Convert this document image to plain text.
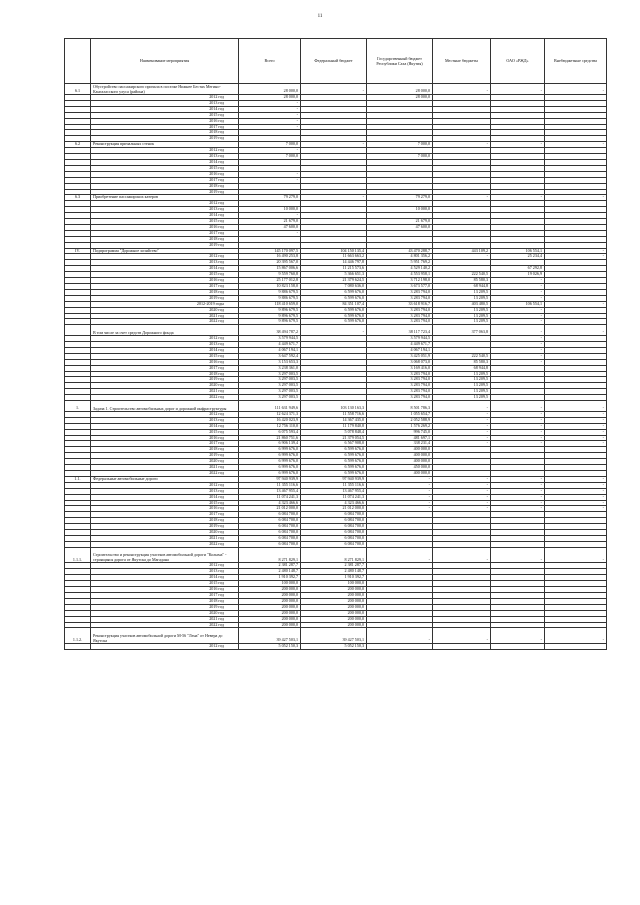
11
	Наименование мероприятия	Всего	Федеральный бюджет	Государственный бюджет Республики Саха (Якутия)	Местные бюджеты	ОАО «РЖД»	Внебюджетные средства
6.1	Обустройство пассажирского причала в поселке Нижнее Бестях Мегино-Кангаласского улуса (района)	28 000,0	-	28 000,0	-	-	-
	2012 год	28 000,0		28 000,0			
	2013 год	-					
	2014 год	-					
	2015 год	-					
	2016 год	-					
	2017 год	-					
	2018 год						
	2019 год						
6.2	Реконструкция причальных стенок	7 000,0	-	7 000,0	-	-	-
	2012 год	-					
	2013 год	7 000,0		7 000,0			
	2014 год						
	2015 год						
	2016 год	-					
	2017 год	-					
	2018 год						
	2019 год						
6.3	Приобретение пассажирских катеров	79 279,0	-	79 279,0	-	-	-
	2012 год						
	2013 год	10 000,0		10 000,0			
	2014 год	-					
	2015 год	21 679,0		21 679,0			
	2016 год	47 600,0		47 600,0			
	2017 год	-					
	2018 год						
	2019 год						
IV.	Подпрограмма "Дорожное хозяйство"	145 170 097,5	104 150 135,4	43 470 288,7	443 109,2	106 554,1	-
	2012 год	16 490 253,8	11 663 663,2	4 801 356,2	-	25 234,4	-
	2013 год	20 395 567,0	14 446 797,8	5 951 769,2			
	2014 год	15 867 006,6	11 215 573,6	4 529 140,2		67 292,8	
	2015 год	9 559 760,8	5 366 651,3	4 553 958,1	222 540,5	19 026,9	
	2016 год	25 177 012,8	21 379 624,5	3 712 198,0	85 580,3	-	
	2017 год	10 823 158,0	7 080 636,0	3 673 577,0	68 944,8	-	
	2018 год	9 886 679,5	6 599 676,0	3 283 794,0	13 209,5	-	
	2019 год	9 886 679,5	6 599 676,0	3 283 794,0	13 209,5	-	
	2012-2019 годы	118 410 659,0	84 351 107,4	33 618 916,7	403 480,5	106 554,1	-
	2020 год	9 896 679,5	6 599 676,0	3 283 794,0	13 209,5	-	
	2021 год	9 896 679,5	6 599 676,0	3 283 794,0	13 209,5	-	
	2022 год	9 896 679,5	6 599 676,0	3 283 794,0	13 209,5	-	
	В том числе за счет средств Дорожного фонда	38 494 787,2	-	38 117 723,4	377 063,8	-	-
	2012 год	3 579 944,5		3 579 944,5		-	
	2013 год	4 449 671,7		4 449 671,7		-	
	2014 год	4 067 194,1		4 067 194,1		-	
	2015 год	3 647 592,4		3 425 051,9	222 540,5	-	
	2016 год	3 153 653,3		3 068 073,0	85 580,3	-	
	2017 год	3 238 361,0		3 169 416,0	68 944,8		
	2018 год	3 297 003,5		3 283 794,0	13 209,5		
	2019 год	3 297 003,5		3 283 794,0	13 209,5		
	2020 год	3 297 003,5		3 283 794,0	13 209,5		
	2021 год	3 297 003,5		3 283 794,0	13 209,5		
	2022 год	3 297 003,5		3 283 794,0	13 209,5		
1.	Задача 1. Строительство автомобильных дорог и дорожной инфраструктуры	111 631 949,6	103 130 163,3	8 501 786,3	-	-	-
	2012 год	12 624 371,3	11 558 716,6	1 055 654,7	-	-	-
	2013 год	16 420 023,9	14 367 435,0	2 052 588,9	-	-	-
	2014 год	12 756 110,0	11 179 840,8	1 576 269,2	-	-	-
	2015 год	6 075 593,4	5 078 848,4	996 745,0	-	-	-
	2016 год	21 860 751,6	21 379 054,5	481 697,1	-	-	-
	2017 год	6 906 139,4	6 567 908,0	338 231,4	-	-	-
	2018 год	6 999 676,0	6 599 676,0	400 000,0			
	2019 год	6 999 676,0	6 599 676,0	400 000,0			
	2020 год	6 999 676,0	6 599 676,0	400 000,0			
	2021 год	6 999 676,0	6 599 676,0	450 000,0			
	2022 год	6 999 676,0	6 599 676,0	400 000,0			
1.1.	Федеральные автомобильные дороги	97 940 939,9	97 940 939,9	-	-	-	-
	2012 год	11 355 116,6	11 355 116,6	-	-	-	-
	2013 год	13 467 955,4	13 467 955,4	-	-	-	-
	2014 год	11 074 241,3	11 074 241,3	-	-	-	-
	2015 год	4 323 466,6	4 323 466,6	-	-	-	-
	2016 год	21 012 000,0	21 012 000,0	-	-	-	-
	2017 год	6 084 700,0	6 084 700,0				
	2018 год	6 084 700,0	6 084 700,0				
	2019 год	6 084 700,0	6 084 700,0				
	2020 год	6 084 700,0	6 084 700,0				
	2021 год	6 084 700,0	6 084 700,0				
	2022 год	6 084 700,0	6 084 700,0				
1.1.1.	Строительство и реконструкция участков автомобильной дороги "Колыма" - строящаяся дорога от Якутска до Магадана	8 271 829,1	8 271 829,1	-	-	-	-
	2012 год	2 381 287,7	2 381 287,7				
	2013 год	2 480 148,7	2 480 148,7				
	2014 год	1 910 392,7	1 910 392,7				
	2015 год	100 000,0	100 000,0				
	2016 год	200 000,0	200 000,0				
	2017 год	200 000,0	200 000,0				
	2018 год	200 000,0	200 000,0				
	2019 год	200 000,0	200 000,0				
	2020 год	200 000,0	200 000,0				
	2021 год	200 000,0	200 000,0				
	2022 год	200 000,0	200 000,0				
1.1.2.	Реконструкция участков автомобильной дороги М-56 "Лена" от Невера до Якутска	39 427 503,1	39 427 503,1	-	-	-	-
	2012 год	5 052 150,3	5 052 150,3				
